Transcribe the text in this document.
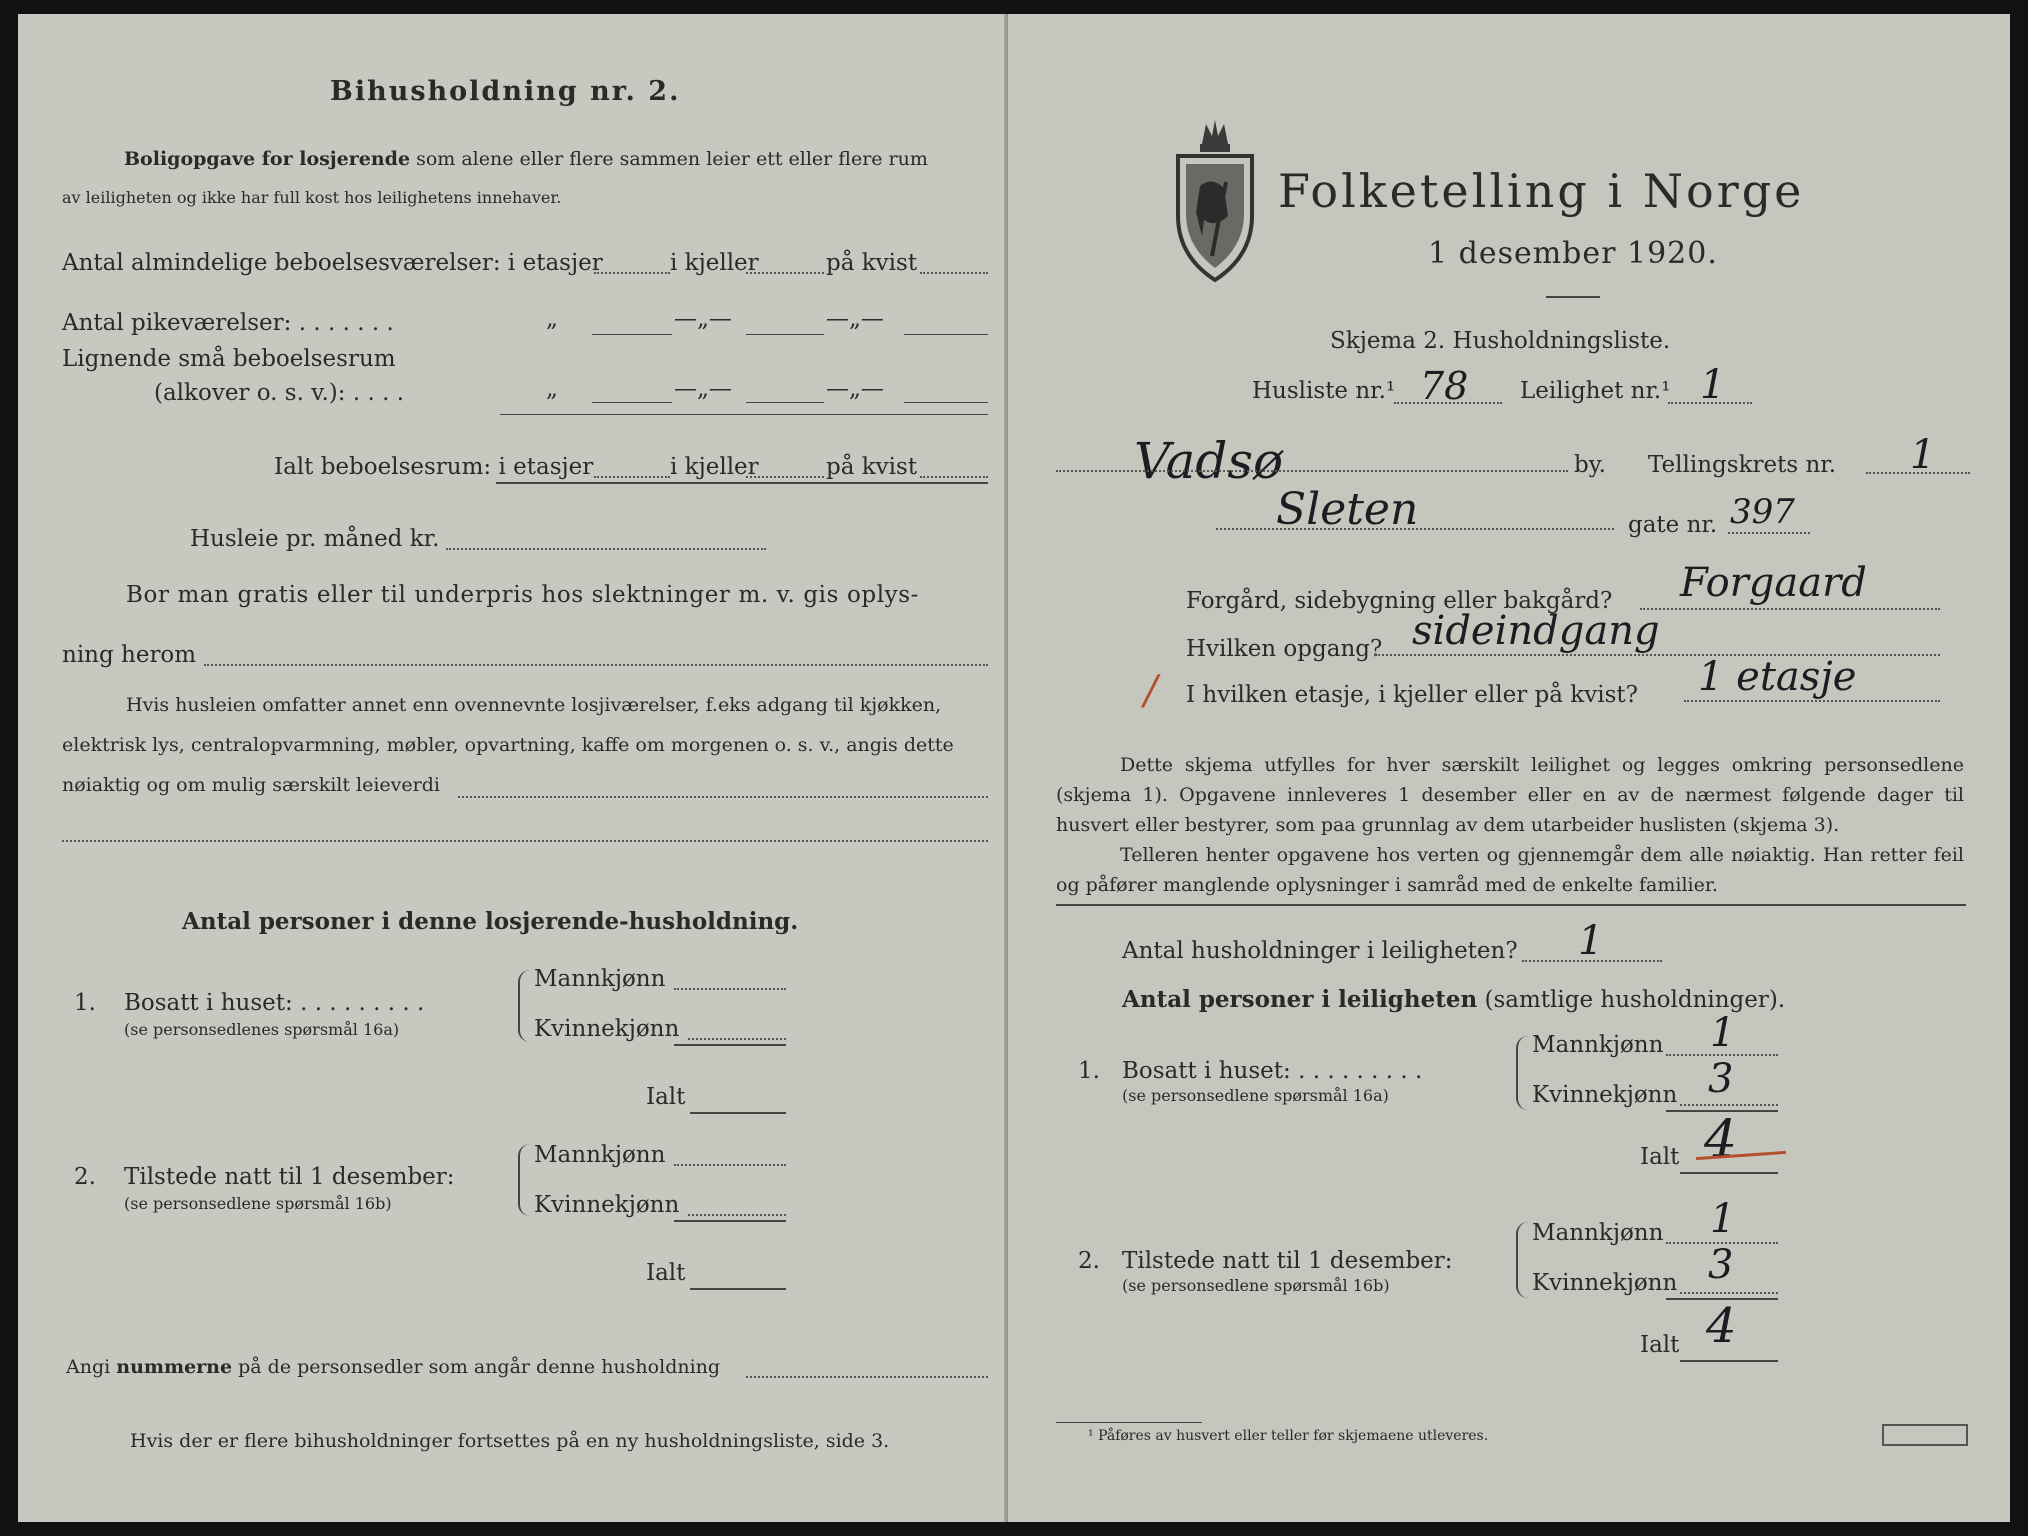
Bihusholdning nr. 2.
Boligopgave for losjerende som alene eller flere sammen leier ett eller flere rum
av leiligheten og ikke har full kost hos leilighetens innehaver.
Antal almindelige beboelsesværelser: i etasjer	i kjeller	på kvist
Antal pikeværelser: . . . . . . .	„	—„—	—„—
Lignende små beboelsesrum
(alkover o. s. v.): . . . .	„	—„—	—„—
Ialt beboelsesrum: i etasjer	i kjeller	på kvist
Husleie pr. måned kr.
Bor man gratis eller til underpris hos slektninger m. v. gis oplys-
ning herom
Hvis husleien omfatter annet enn ovennevnte losjiværelser, f.eks adgang til kjøkken,
elektrisk lys, centralopvarmning, møbler, opvartning, kaffe om morgenen o. s. v., angis dette
nøiaktig og om mulig særskilt leieverdi
Antal personer i denne losjerende-husholdning.
1. Bosatt i huset: . . . . . . . . .
(se personsedlenes spørsmål 16a)
Mannkjønn
Kvinnekjønn
Ialt
2. Tilstede natt til 1 desember:
(se personsedlene spørsmål 16b)
Mannkjønn
Kvinnekjønn
Ialt
Angi nummerne på de personsedler som angår denne husholdning
Hvis der er flere bihusholdninger fortsettes på en ny husholdningsliste, side 3.
Folketelling i Norge
1 desember 1920.
Skjema 2. Husholdningsliste.
Husliste nr.¹ 78 Leilighet nr.¹ 1
Vadsø	by. Tellingskrets nr. 1
Sleten	gate nr. 397
Forgård, sidebygning eller bakgård? Forgaard
Hvilken opgang? sideindgang
/ I hvilken etasje, i kjeller eller på kvist? 1 etasje
Dette skjema utfylles for hver særskilt leilighet og legges omkring personsedlene (skjema 1). Opgavene innleveres 1 desember eller en av de nærmest følgende dager til husvert eller bestyrer, som paa grunnlag av dem utarbeider huslisten (skjema 3).
Telleren henter opgavene hos verten og gjennemgår dem alle nøiaktig. Han retter feil og påfører manglende oplysninger i samråd med de enkelte familier.
Antal husholdninger i leiligheten? 1
Antal personer i leiligheten (samtlige husholdninger).
1. Bosatt i huset: . . . . . . . . .
(se personsedlene spørsmål 16a)
Mannkjønn 1
Kvinnekjønn 3
Ialt 4
2. Tilstede natt til 1 desember:
(se personsedlene spørsmål 16b)
Mannkjønn 1
Kvinnekjønn 3
Ialt 4
¹ Påføres av husvert eller teller før skjemaene utleveres.
